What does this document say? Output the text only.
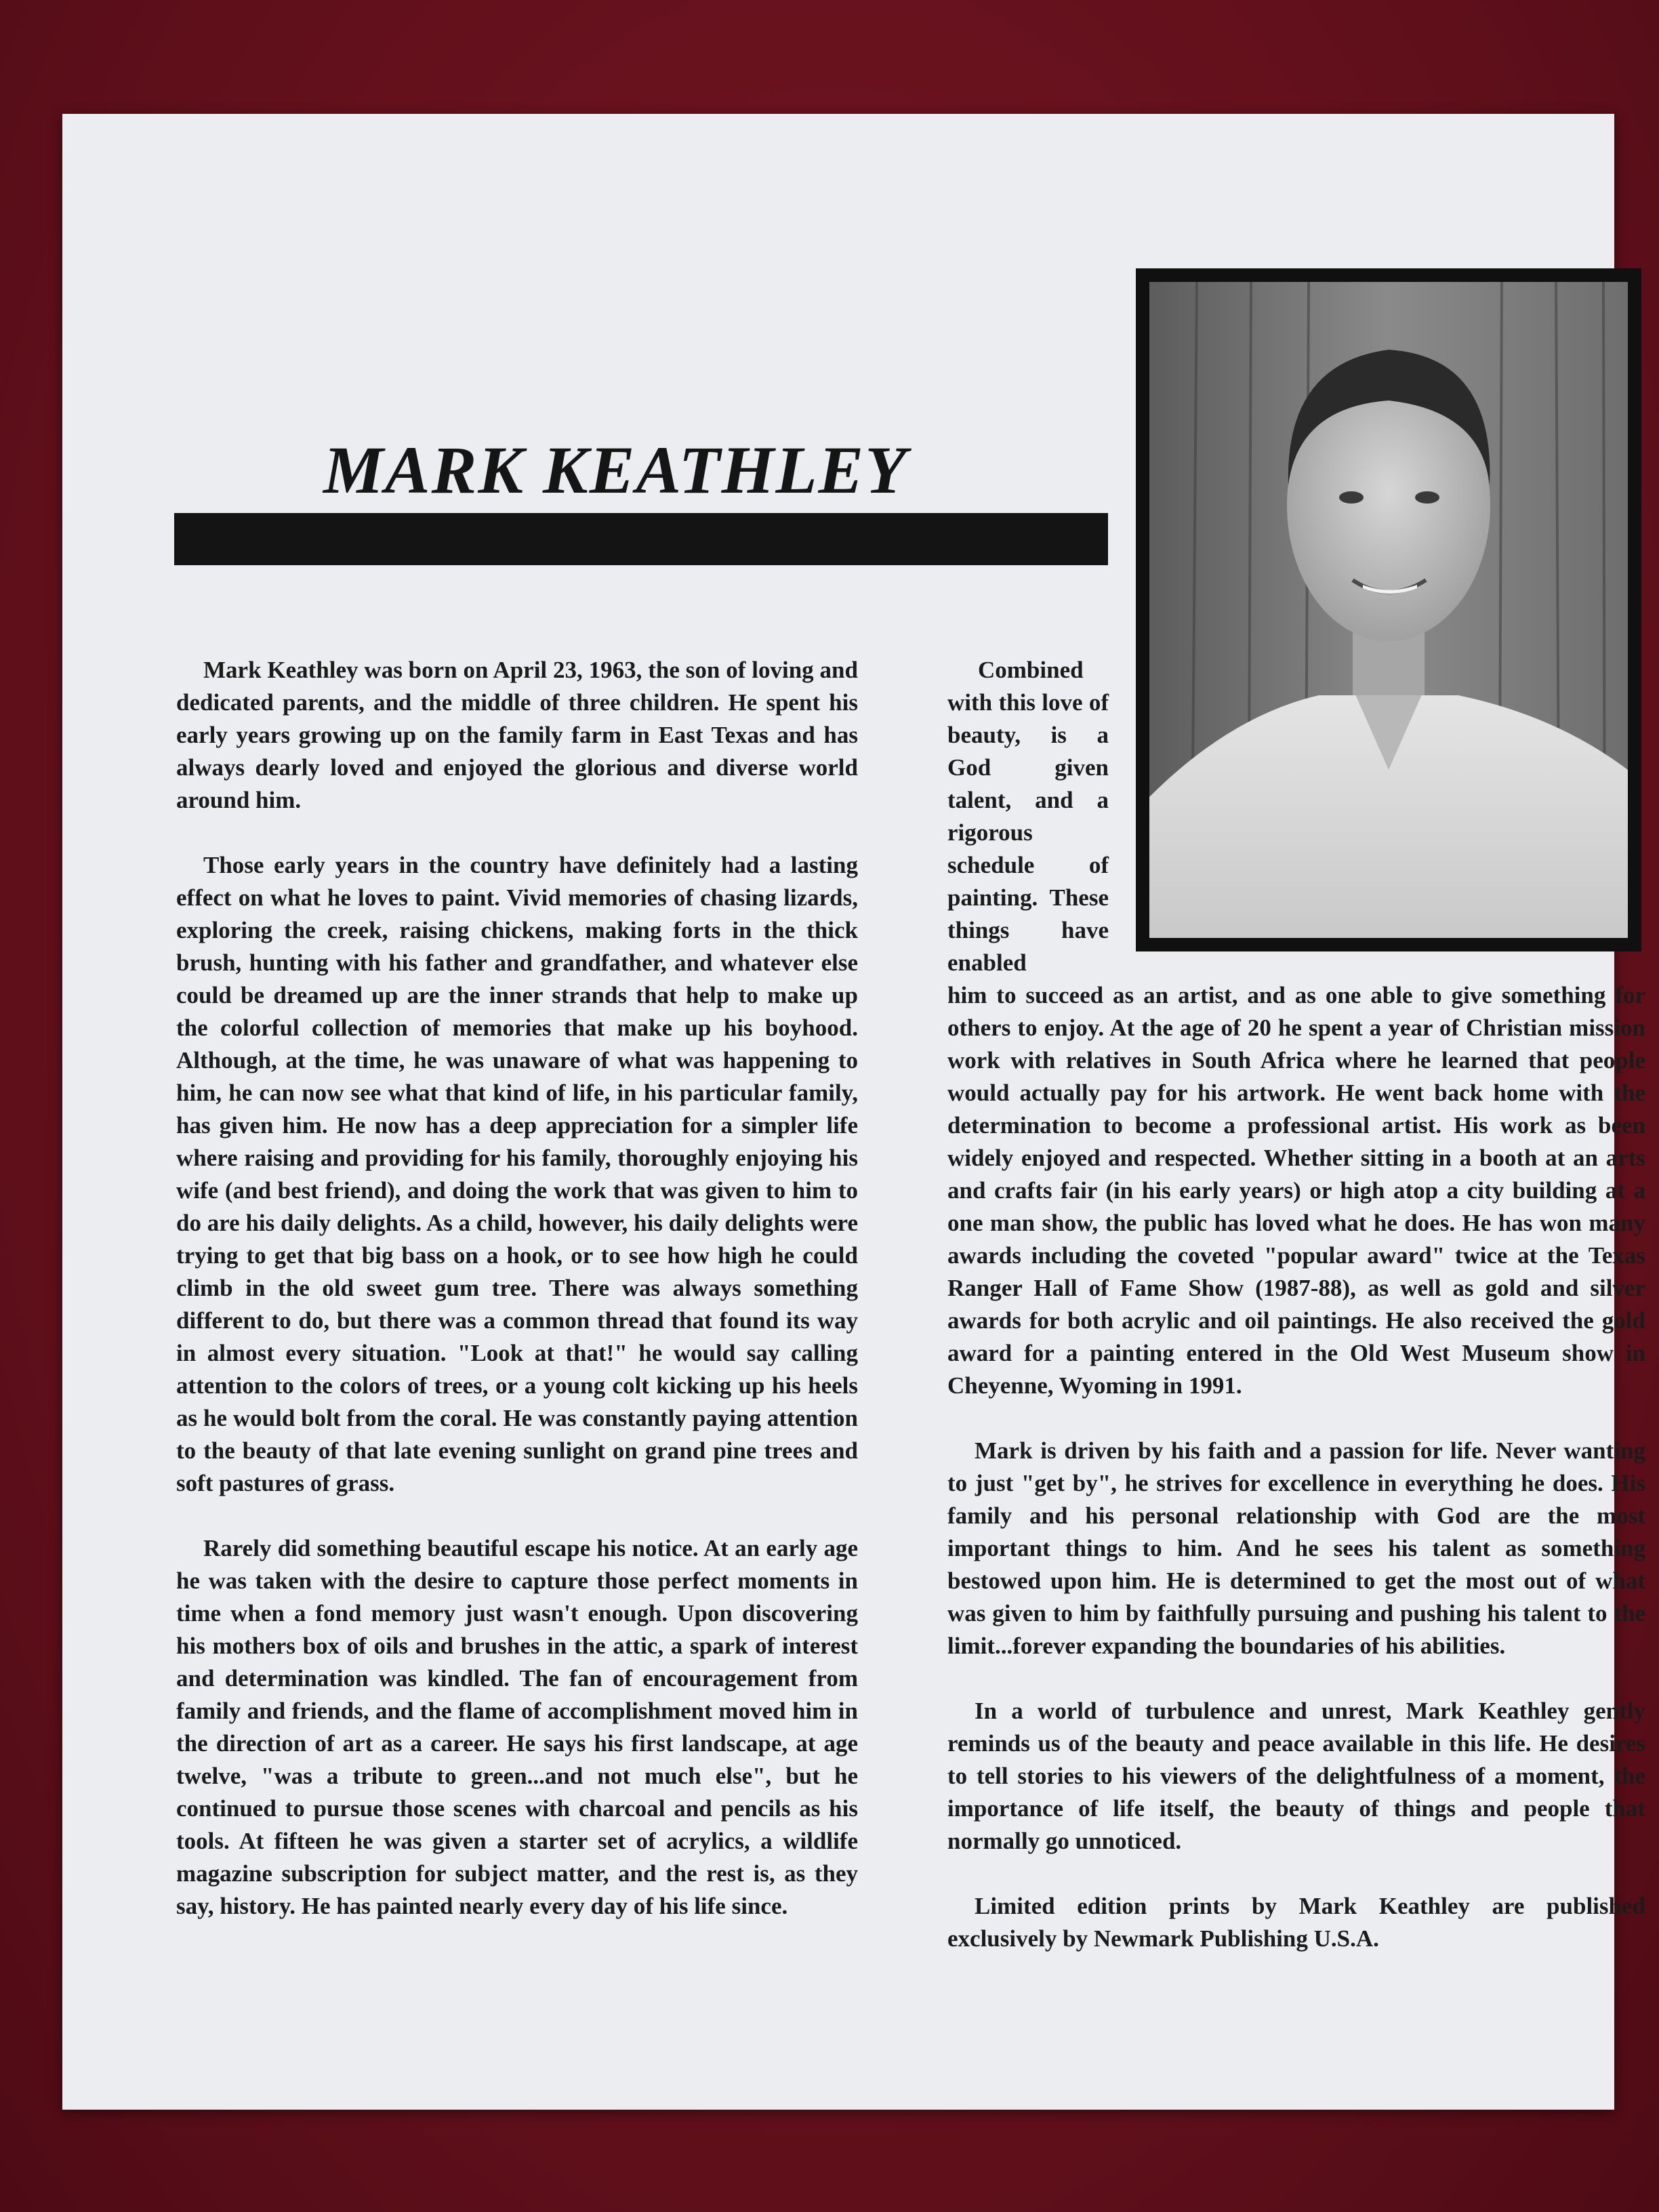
MARK KEATHLEY

Mark Keathley was born on April 23, 1963, the son of loving and dedicated parents, and the middle of three children. He spent his early years growing up on the family farm in East Texas and has always dearly loved and enjoyed the glorious and diverse world around him.

Those early years in the country have definitely had a lasting effect on what he loves to paint. Vivid memories of chasing lizards, exploring the creek, raising chickens, making forts in the thick brush, hunting with his father and grandfather, and whatever else could be dreamed up are the inner strands that help to make up the colorful collection of memories that make up his boyhood. Although, at the time, he was unaware of what was happening to him, he can now see what that kind of life, in his particular family, has given him. He now has a deep appreciation for a simpler life where raising and providing for his family, thoroughly enjoying his wife (and best friend), and doing the work that was given to him to do are his daily delights. As a child, however, his daily delights were trying to get that big bass on a hook, or to see how high he could climb in the old sweet gum tree. There was always something different to do, but there was a common thread that found its way in almost every situation. "Look at that!" he would say calling attention to the colors of trees, or a young colt kicking up his heels as he would bolt from the coral. He was constantly paying attention to the beauty of that late evening sunlight on grand pine trees and soft pastures of grass.

Rarely did something beautiful escape his notice. At an early age he was taken with the desire to capture those perfect moments in time when a fond memory just wasn't enough. Upon discovering his mothers box of oils and brushes in the attic, a spark of interest and determination was kindled. The fan of encouragement from family and friends, and the flame of accomplishment moved him in the direction of art as a career. He says his first landscape, at age twelve, "was a tribute to green...and not much else", but he continued to pursue those scenes with charcoal and pencils as his tools. At fifteen he was given a starter set of acrylics, a wildlife magazine subscription for subject matter, and the rest is, as they say, history. He has painted nearly every day of his life since.

Combined with this love of beauty, is a God given talent, and a rigorous schedule of painting. These things have enabled

him to succeed as an artist, and as one able to give something for others to enjoy. At the age of 20 he spent a year of Christian mission work with relatives in South Africa where he learned that people would actually pay for his artwork. He went back home with the determination to become a professional artist. His work as been widely enjoyed and respected. Whether sitting in a booth at an arts and crafts fair (in his early years) or high atop a city building at a one man show, the public has loved what he does. He has won many awards including the coveted "popular award" twice at the Texas Ranger Hall of Fame Show (1987-88), as well as gold and silver awards for both acrylic and oil paintings. He also received the gold award for a painting entered in the Old West Museum show in Cheyenne, Wyoming in 1991.

Mark is driven by his faith and a passion for life. Never wanting to just "get by", he strives for excellence in everything he does. His family and his personal relationship with God are the most important things to him. And he sees his talent as something bestowed upon him. He is determined to get the most out of what was given to him by faithfully pursuing and pushing his talent to the limit...forever expanding the boundaries of his abilities.

In a world of turbulence and unrest, Mark Keathley gently reminds us of the beauty and peace available in this life. He desires to tell stories to his viewers of the delightfulness of a moment, the importance of life itself, the beauty of things and people that normally go unnoticed.

Limited edition prints by Mark Keathley are published exclusively by Newmark Publishing U.S.A.
